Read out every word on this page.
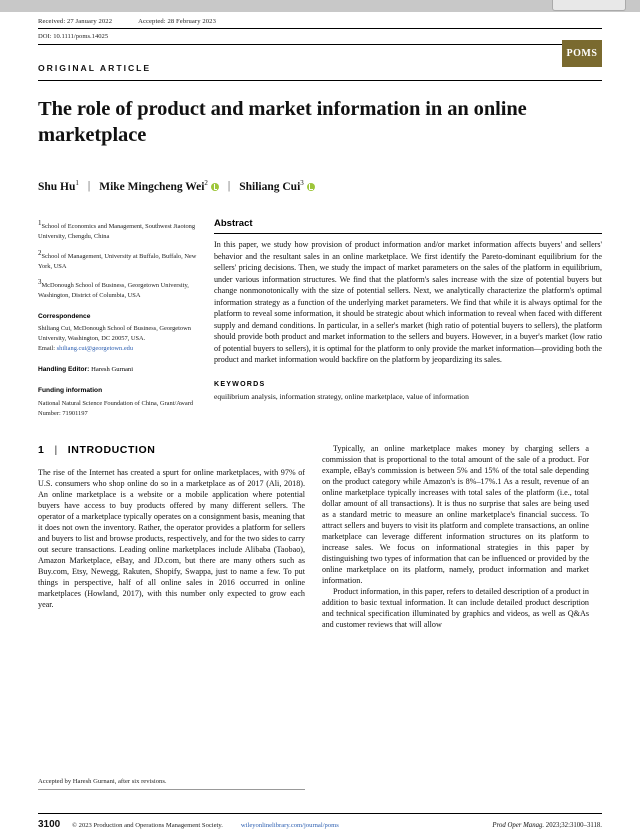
Received: 27 January 2022	Accepted: 28 February 2023
DOI: 10.1111/poms.14025
POMS
ORIGINAL ARTICLE
The role of product and market information in an online marketplace
Shu Hu$^1$ | Mike Mingcheng Wei$^2$	| Shiliang Cui$^3$
1School of Economics and Management, Southwest Jiaotong University, Chengdu, China
2School of Management, University at Buffalo, Buffalo, New York, USA
3McDonough School of Business, Georgetown University, Washington, District of Columbia, USA
Correspondence
Shiliang Cui, McDonough School of Business, Georgetown University, Washington, DC 20057, USA.
Email: shiliang.cui@georgetown.edu
Handling Editor: Haresh Gurnani
Funding information
National Natural Science Foundation of China, Grant/Award Number: 71901197
Abstract
In this paper, we study how provision of product information and/or market information affects buyers' and sellers' behavior and the resultant sales in an online marketplace. We first identify the Pareto-dominant equilibrium for the sellers' pricing decisions. Then, we study the impact of market parameters on the sales of the platform in equilibrium, under various information structures. We find that the platform's sales increase with the size of potential buyers but change nonmonotonically with the size of potential sellers. Next, we analytically characterize the platform's optimal information strategy as a function of the underlying market parameters. We find that while it is always optimal for the platform to reveal some information, it should be strategic about which information to reveal when faced with different supply and demand conditions. In particular, in a seller's market (high ratio of potential buyers to sellers), the platform should provide both product and market information to the sellers and buyers. However, in a buyer's market (low ratio of potential buyers to sellers), it is optimal for the platform to only provide the market information—providing both the product and market information would backfire on the platform by jeopardizing its sales.
KEYWORDS
equilibrium analysis, information strategy, online marketplace, value of information
1 | INTRODUCTION
The rise of the Internet has created a spurt for online marketplaces, with 97% of U.S. consumers who shop online do so in a marketplace as of 2017 (Ali, 2018). An online marketplace is a website or a mobile application where potential buyers have access to buy products offered by many different sellers. The operator of a marketplace typically operates on a consignment basis, meaning that it does not own the inventory. Rather, the operator provides a platform for sellers and buyers to list and browse products, respectively, and for the two sides to carry out secure transactions. Leading online marketplaces include Alibaba (Taobao), Amazon Marketplace, eBay, and JD.com, but there are many others such as Buy.com, Etsy, Newegg, Rakuten, Shopify, Swappa, just to name a few. To put things in perspective, half of all online sales in 2016 occurred in online marketplaces (Howland, 2017), with this number only expected to grow each year.
Typically, an online marketplace makes money by charging sellers a commission that is proportional to the total amount of the sale of a product. For example, eBay's commission is between 5% and 15% of the total sale depending on the product category while Amazon's is 8%–17%.1 As a result, revenue of an online marketplace typically increases with total sales of the platform (i.e., total dollar amount of all transactions). It is thus no surprise that sales are being used as a standard metric to measure an online marketplace's financial success. To attract sellers and buyers to visit its platform and complete transactions, an online marketplace can leverage different information structures on its platform to increase sales. We focus on informational strategies in this paper by distinguishing two types of information that can be influenced or provided by the online marketplace on its platform, namely, product information and market information.
Product information, in this paper, refers to detailed description of a product in addition to basic textual information. It can include detailed product description and technical specification illuminated by graphics and videos, as well as Q&As and customer reviews that will allow
Accepted by Haresh Gurnani, after six revisions.
3100	© 2023 Production and Operations Management Society.	wileyonlinelibrary.com/journal/poms	Prod Oper Manag. 2023;32:3100–3118.
